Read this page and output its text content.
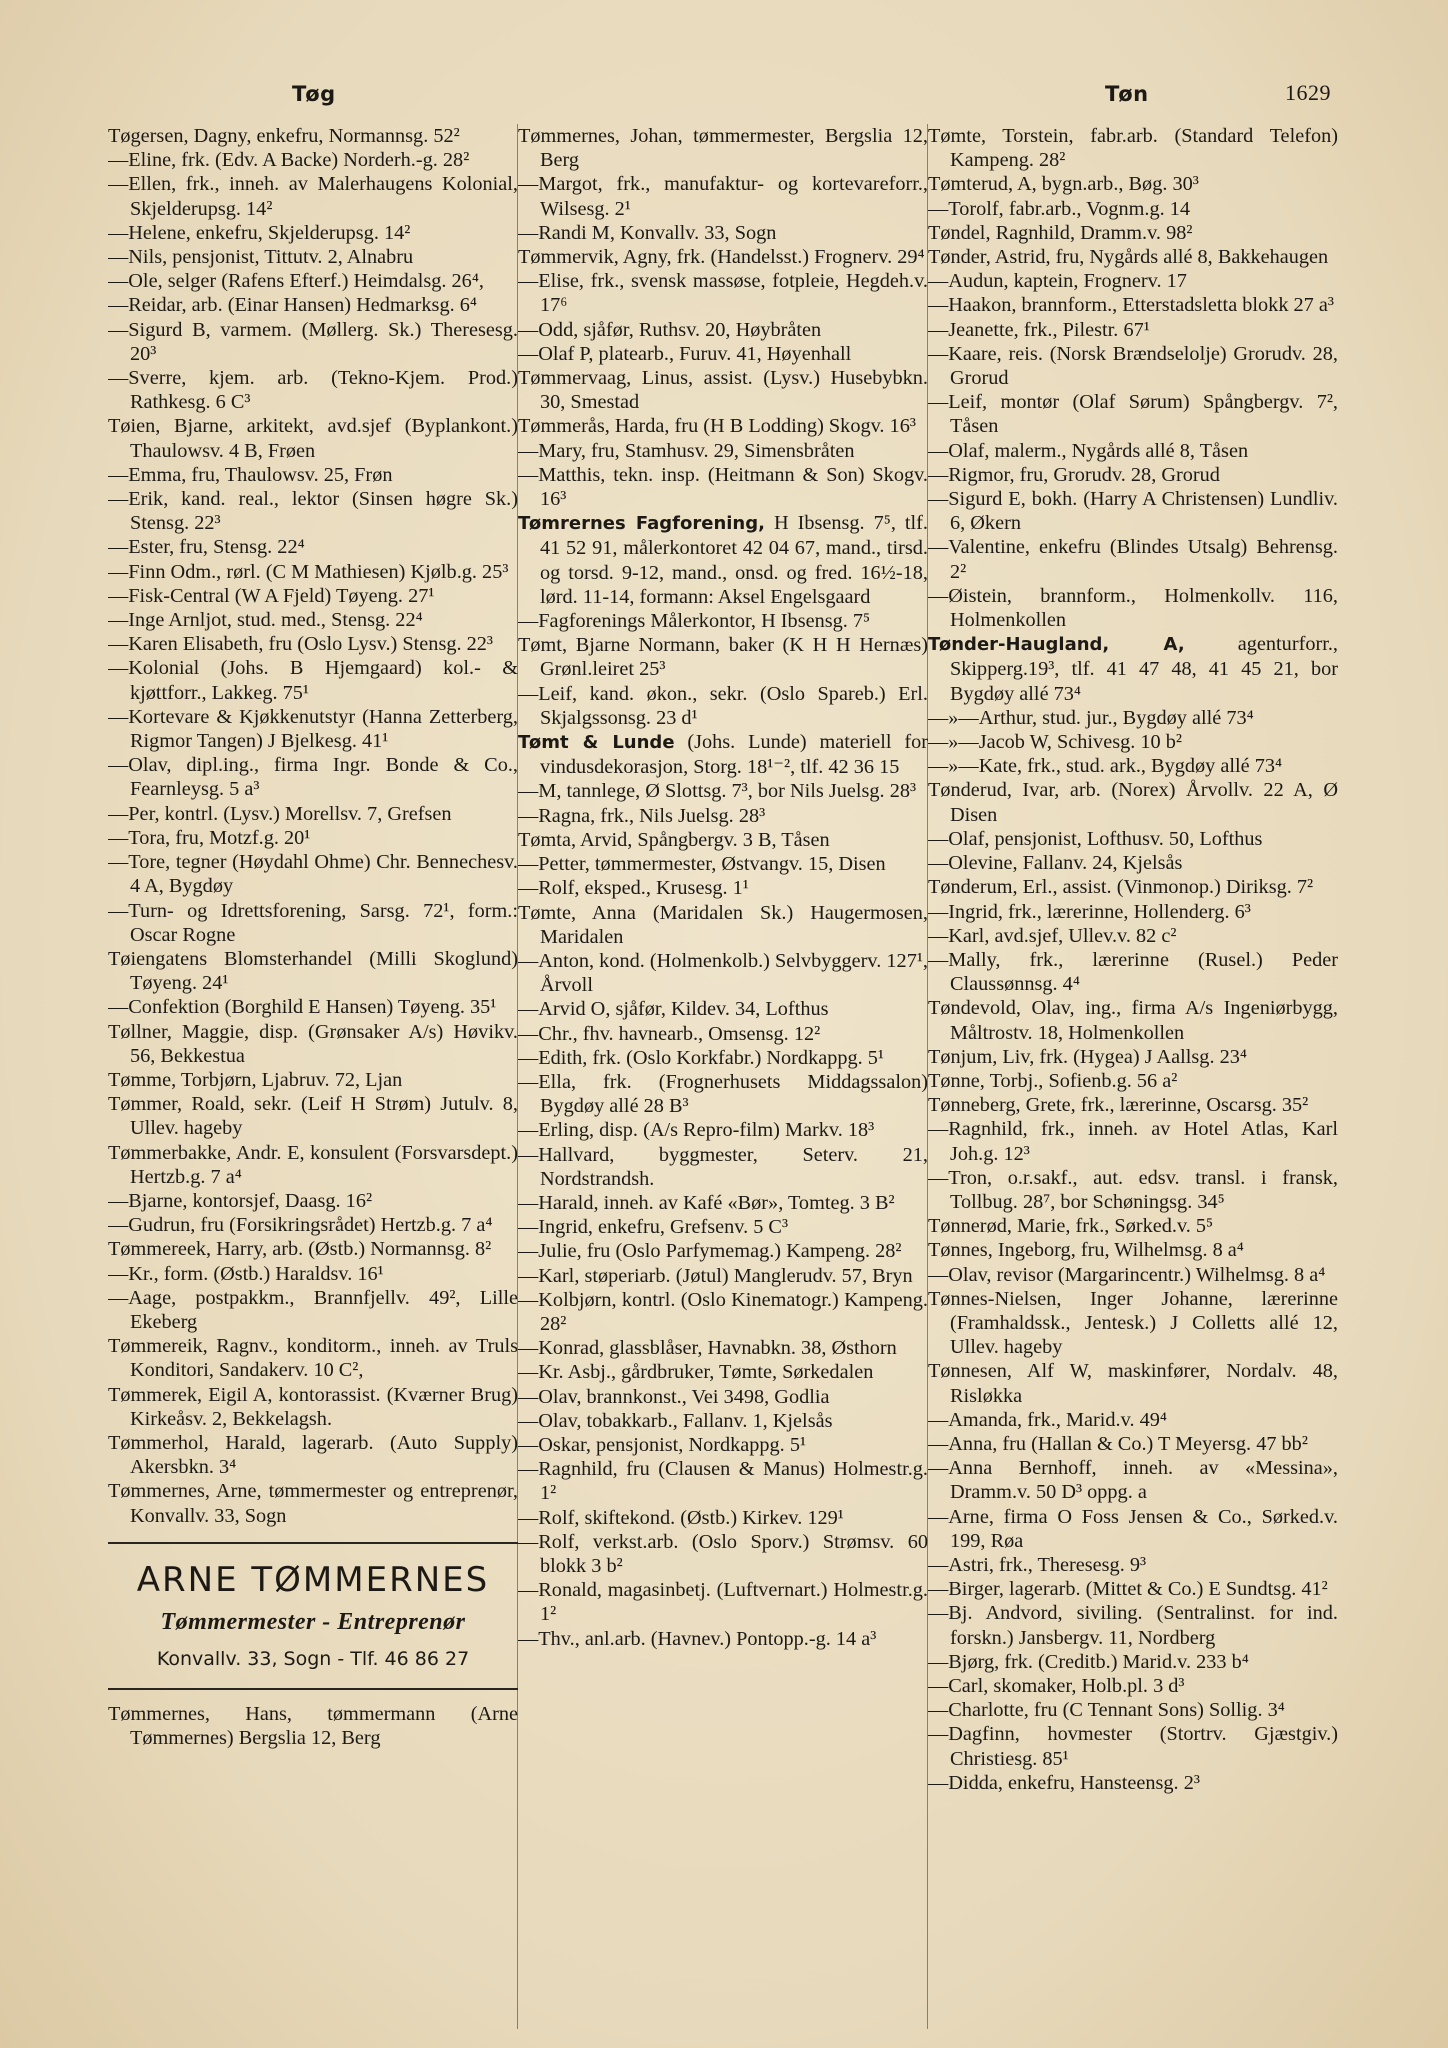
Tøg	Tøn	1629

Tøgersen, Dagny, enkefru, Normannsg. 52²

—Eline, frk. (Edv. A Backe) Norderh.-g. 28²

—Ellen, frk., inneh. av Malerhaugens Kolonial, Skjelderupsg. 14²

—Helene, enkefru, Skjelderupsg. 14²

—Nils, pensjonist, Tittutv. 2, Alnabru

—Ole, selger (Rafens Efterf.) Heimdalsg. 26⁴,

—Reidar, arb. (Einar Hansen) Hedmarksg. 6⁴

—Sigurd B, varmem. (Møllerg. Sk.) Theresesg. 20³

—Sverre, kjem. arb. (Tekno-Kjem. Prod.) Rathkesg. 6 C³

Tøien, Bjarne, arkitekt, avd.sjef (Byplankont.) Thaulowsv. 4 B, Frøen

—Emma, fru, Thaulowsv. 25, Frøn

—Erik, kand. real., lektor (Sinsen høgre Sk.) Stensg. 22³

—Ester, fru, Stensg. 22⁴

—Finn Odm., rørl. (C M Mathiesen) Kjølb.g. 25³

—Fisk-Central (W A Fjeld) Tøyeng. 27¹

—Inge Arnljot, stud. med., Stensg. 22⁴

—Karen Elisabeth, fru (Oslo Lysv.) Stensg. 22³

—Kolonial (Johs. B Hjemgaard) kol.- & kjøttforr., Lakkeg. 75¹

—Kortevare & Kjøkkenutstyr (Hanna Zetterberg, Rigmor Tangen) J Bjelkesg. 41¹

—Olav, dipl.ing., firma Ingr. Bonde & Co., Fearnleysg. 5 a³

—Per, kontrl. (Lysv.) Morellsv. 7, Grefsen

—Tora, fru, Motzf.g. 20¹

—Tore, tegner (Høydahl Ohme) Chr. Bennechesv. 4 A, Bygdøy

—Turn- og Idrettsforening, Sarsg. 72¹, form.: Oscar Rogne

Tøiengatens Blomsterhandel (Milli Skoglund) Tøyeng. 24¹

—Confektion (Borghild E Hansen) Tøyeng. 35¹

Tøllner, Maggie, disp. (Grønsaker A/s) Høvikv. 56, Bekkestua

Tømme, Torbjørn, Ljabruv. 72, Ljan

Tømmer, Roald, sekr. (Leif H Strøm) Jutulv. 8, Ullev. hageby

Tømmerbakke, Andr. E, konsulent (Forsvarsdept.) Hertzb.g. 7 a⁴

—Bjarne, kontorsjef, Daasg. 16²

—Gudrun, fru (Forsikringsrådet) Hertzb.g. 7 a⁴

Tømmereek, Harry, arb. (Østb.) Normannsg. 8²

—Kr., form. (Østb.) Haraldsv. 16¹

—Aage, postpakkm., Brannfjellv. 49², Lille Ekeberg

Tømmereik, Ragnv., konditorm., inneh. av Truls Konditori, Sandakerv. 10 C²,

Tømmerek, Eigil A, kontorassist. (Kværner Brug) Kirkeåsv. 2, Bekkelagsh.

Tømmerhol, Harald, lagerarb. (Auto Supply) Akersbkn. 3⁴

Tømmernes, Arne, tømmermester og entreprenør, Konvallv. 33, Sogn

ARNE TØMMERNES
Tømmermester - Entreprenør
Konvallv. 33, Sogn - Tlf. 46 86 27

Tømmernes, Hans, tømmermann (Arne Tømmernes) Bergslia 12, Berg

Tømmernes, Johan, tømmermester, Bergslia 12, Berg

—Margot, frk., manufaktur- og kortevareforr., Wilsesg. 2¹

—Randi M, Konvallv. 33, Sogn

Tømmervik, Agny, frk. (Handelsst.) Frognerv. 29⁴

—Elise, frk., svensk massøse, fotpleie, Hegdeh.v. 17⁶

—Odd, sjåfør, Ruthsv. 20, Høybråten

—Olaf P, platearb., Furuv. 41, Høyenhall

Tømmervaag, Linus, assist. (Lysv.) Husebybkn. 30, Smestad

Tømmerås, Harda, fru (H B Lodding) Skogv. 16³

—Mary, fru, Stamhusv. 29, Simensbråten

—Matthis, tekn. insp. (Heitmann & Son) Skogv. 16³

Tømrernes Fagforening, H Ibsensg. 7⁵, tlf. 41 52 91, målerkontoret 42 04 67, mand., tirsd. og torsd. 9-12, mand., onsd. og fred. 16½-18, lørd. 11-14, formann: Aksel Engelsgaard

—Fagforenings Målerkontor, H Ibsensg. 7⁵

Tømt, Bjarne Normann, baker (K H H Hernæs) Grønl.leiret 25³

—Leif, kand. økon., sekr. (Oslo Spareb.) Erl. Skjalgssonsg. 23 d¹

Tømt & Lunde (Johs. Lunde) materiell for vindusdekorasjon, Storg. 18¹⁻², tlf. 42 36 15

—M, tannlege, Ø Slottsg. 7³, bor Nils Juelsg. 28³

—Ragna, frk., Nils Juelsg. 28³

Tømta, Arvid, Spångbergv. 3 B, Tåsen

—Petter, tømmermester, Østvangv. 15, Disen

—Rolf, eksped., Krusesg. 1¹

Tømte, Anna (Maridalen Sk.) Haugermosen, Maridalen

—Anton, kond. (Holmenkolb.) Selvbyggerv. 127¹, Årvoll

—Arvid O, sjåfør, Kildev. 34, Lofthus

—Chr., fhv. havnearb., Omsensg. 12²

—Edith, frk. (Oslo Korkfabr.) Nordkappg. 5¹

—Ella, frk. (Frognerhusets Middagssalon) Bygdøy allé 28 B³

—Erling, disp. (A/s Repro-film) Markv. 18³

—Hallvard, byggmester, Seterv. 21, Nordstrandsh.

—Harald, inneh. av Kafé «Bør», Tomteg. 3 B²

—Ingrid, enkefru, Grefsenv. 5 C³

—Julie, fru (Oslo Parfymemag.) Kampeng. 28²

—Karl, støperiarb. (Jøtul) Manglerudv. 57, Bryn

—Kolbjørn, kontrl. (Oslo Kinematogr.) Kampeng. 28²

—Konrad, glassblåser, Havnabkn. 38, Østhorn

—Kr. Asbj., gårdbruker, Tømte, Sørkedalen

—Olav, brannkonst., Vei 3498, Godlia

—Olav, tobakkarb., Fallanv. 1, Kjelsås

—Oskar, pensjonist, Nordkappg. 5¹

—Ragnhild, fru (Clausen & Manus) Holmestr.g. 1²

—Rolf, skiftekond. (Østb.) Kirkev. 129¹

—Rolf, verkst.arb. (Oslo Sporv.) Strømsv. 60 blokk 3 b²

—Ronald, magasinbetj. (Luftvernart.) Holmestr.g. 1²

—Thv., anl.arb. (Havnev.) Pontopp.-g. 14 a³

Tømte, Torstein, fabr.arb. (Standard Telefon) Kampeng. 28²

Tømterud, A, bygn.arb., Bøg. 30³

—Torolf, fabr.arb., Vognm.g. 14

Tøndel, Ragnhild, Dramm.v. 98²

Tønder, Astrid, fru, Nygårds allé 8, Bakkehaugen

—Audun, kaptein, Frognerv. 17

—Haakon, brannform., Etterstadsletta blokk 27 a³

—Jeanette, frk., Pilestr. 67¹

—Kaare, reis. (Norsk Brændselolje) Grorudv. 28, Grorud

—Leif, montør (Olaf Sørum) Spångbergv. 7², Tåsen

—Olaf, malerm., Nygårds allé 8, Tåsen

—Rigmor, fru, Grorudv. 28, Grorud

—Sigurd E, bokh. (Harry A Christensen) Lundliv. 6, Økern

—Valentine, enkefru (Blindes Utsalg) Behrensg. 2²

—Øistein, brannform., Holmenkollv. 116, Holmenkollen

Tønder-Haugland, A, agenturforr., Skipperg.19³, tlf. 41 47 48, 41 45 21, bor Bygdøy allé 73⁴

—»—Arthur, stud. jur., Bygdøy allé 73⁴

—»—Jacob W, Schivesg. 10 b²

—»—Kate, frk., stud. ark., Bygdøy allé 73⁴

Tønderud, Ivar, arb. (Norex) Årvollv. 22 A, Ø Disen

—Olaf, pensjonist, Lofthusv. 50, Lofthus

—Olevine, Fallanv. 24, Kjelsås

Tønderum, Erl., assist. (Vinmonop.) Diriksg. 7²

—Ingrid, frk., lærerinne, Hollenderg. 6³

—Karl, avd.sjef, Ullev.v. 82 c²

—Mally, frk., lærerinne (Rusel.) Peder Claussønnsg. 4⁴

Tøndevold, Olav, ing., firma A/s Ingeniørbygg, Måltrostv. 18, Holmenkollen

Tønjum, Liv, frk. (Hygea) J Aallsg. 23⁴

Tønne, Torbj., Sofienb.g. 56 a²

Tønneberg, Grete, frk., lærerinne, Oscarsg. 35²

—Ragnhild, frk., inneh. av Hotel Atlas, Karl Joh.g. 12³

—Tron, o.r.sakf., aut. edsv. transl. i fransk, Tollbug. 28⁷, bor Schøningsg. 34⁵

Tønnerød, Marie, frk., Sørked.v. 5⁵

Tønnes, Ingeborg, fru, Wilhelmsg. 8 a⁴

—Olav, revisor (Margarincentr.) Wilhelmsg. 8 a⁴

Tønnes-Nielsen, Inger Johanne, lærerinne (Framhaldssk., Jentesk.) J Colletts allé 12, Ullev. hageby

Tønnesen, Alf W, maskinfører, Nordalv. 48, Risløkka

—Amanda, frk., Marid.v. 49⁴

—Anna, fru (Hallan & Co.) T Meyersg. 47 bb²

—Anna Bernhoff, inneh. av «Messina», Dramm.v. 50 D³ oppg. a

—Arne, firma O Foss Jensen & Co., Sørked.v. 199, Røa

—Astri, frk., Theresesg. 9³

—Birger, lagerarb. (Mittet & Co.) E Sundtsg. 41²

—Bj. Andvord, siviling. (Sentralinst. for ind. forskn.) Jansbergv. 11, Nordberg

—Bjørg, frk. (Creditb.) Marid.v. 233 b⁴

—Carl, skomaker, Holb.pl. 3 d³

—Charlotte, fru (C Tennant Sons) Sollig. 3⁴

—Dagfinn, hovmester (Stortrv. Gjæstgiv.) Christiesg. 85¹

—Didda, enkefru, Hansteensg. 2³
